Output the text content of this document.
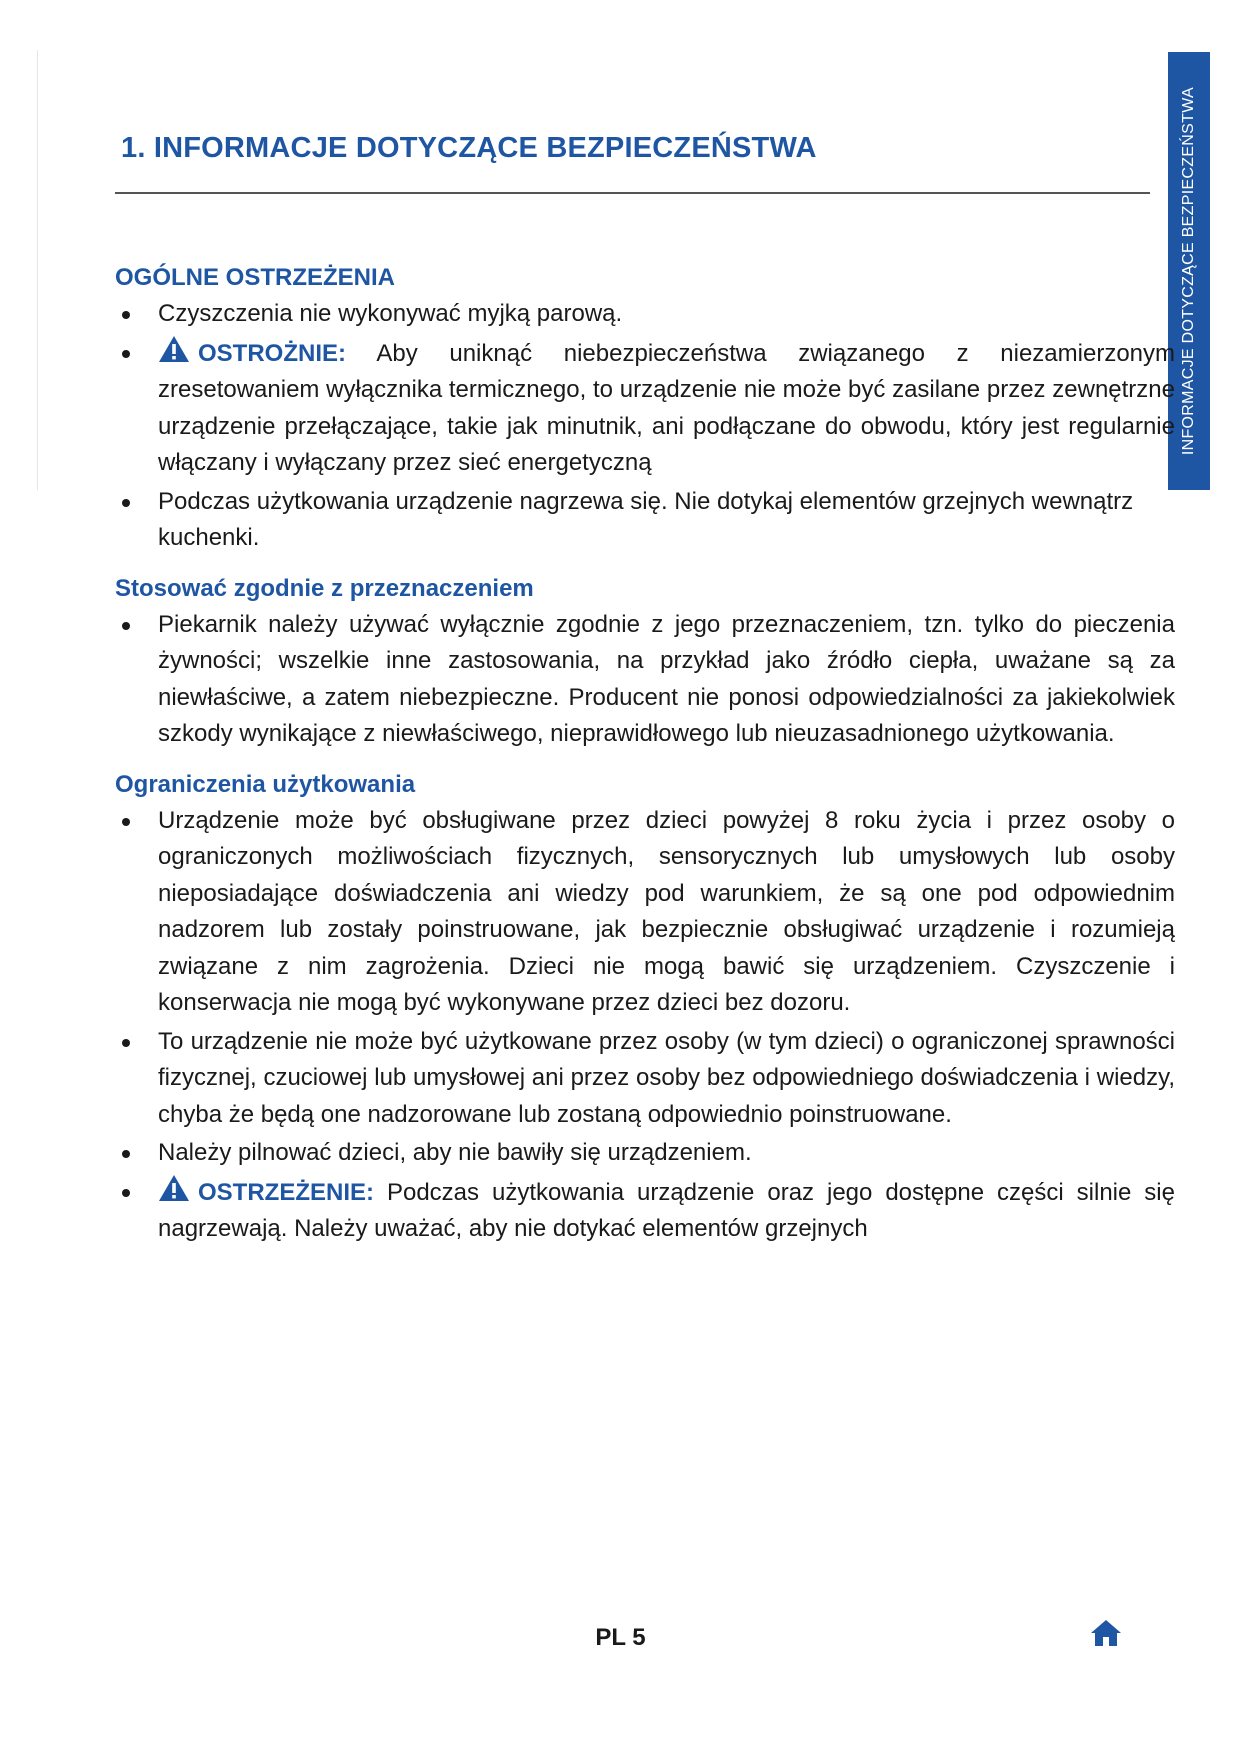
INFORMACJE DOTYCZĄCE BEZPIECZEŃSTWA
1. INFORMACJE DOTYCZĄCE BEZPIECZEŃSTWA
OGÓLNE OSTRZEŻENIA
Czyszczenia nie wykonywać myjką parową.
OSTROŻNIE: Aby uniknąć niebezpieczeństwa związanego z niezamierzonym zresetowaniem wyłącznika termicznego, to urządzenie nie może być zasilane przez zewnętrzne urządzenie przełączające, takie jak minutnik, ani podłączane do obwodu, który jest regularnie włączany i wyłączany przez sieć energetyczną
Podczas użytkowania urządzenie nagrzewa się. Nie dotykaj elementów grzejnych wewnątrz kuchenki.
Stosować zgodnie z przeznaczeniem
Piekarnik należy używać wyłącznie zgodnie z jego przeznaczeniem, tzn. tylko do pieczenia żywności; wszelkie inne zastosowania, na przykład jako źródło ciepła, uważane są za niewłaściwe, a zatem niebezpieczne. Producent nie ponosi odpowiedzialności za jakiekolwiek szkody wynikające z niewłaściwego, nieprawidłowego lub nieuzasadnionego użytkowania.
Ograniczenia użytkowania
Urządzenie może być obsługiwane przez dzieci powyżej 8 roku życia i przez osoby o ograniczonych możliwościach fizycznych, sensorycznych lub umysłowych lub osoby nieposiadające doświadczenia ani wiedzy pod warunkiem, że są one pod odpowiednim nadzorem lub zostały poinstruowane, jak bezpiecznie obsługiwać urządzenie i rozumieją związane z nim zagrożenia. Dzieci nie mogą bawić się urządzeniem. Czyszczenie i konserwacja nie mogą być wykonywane przez dzieci bez dozoru.
To urządzenie nie może być użytkowane przez osoby (w tym dzieci) o ograniczonej sprawności fizycznej, czuciowej lub umysłowej ani przez osoby bez odpowiedniego doświadczenia i wiedzy, chyba że będą one nadzorowane lub zostaną odpowiednio poinstruowane.
Należy pilnować dzieci, aby nie bawiły się urządzeniem.
OSTRZEŻENIE: Podczas użytkowania urządzenie oraz jego dostępne części silnie się nagrzewają. Należy uważać, aby nie dotykać elementów grzejnych
PL 5
